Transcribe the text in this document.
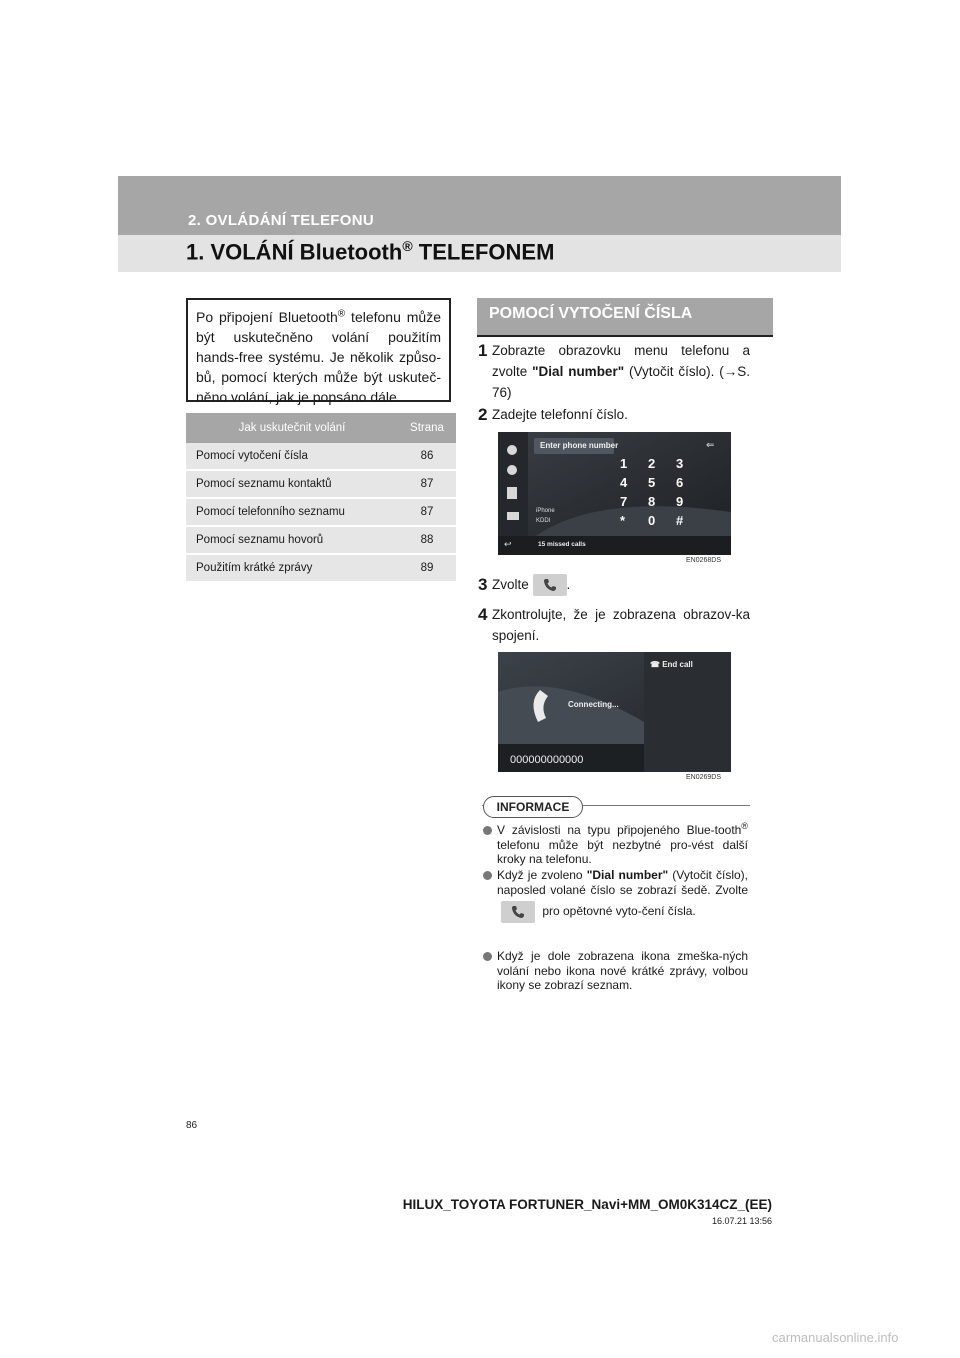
2. OVLÁDÁNÍ TELEFONU
1. VOLÁNÍ Bluetooth® TELEFONEM
Po připojení Bluetooth® telefonu může být uskutečněno volání použitím hands-free systému. Je několik způso-bů, pomocí kterých může být uskuteč-něno volání, jak je popsáno dále.
Jak uskutečnit volání	Strana
Pomocí vytočení čísla	86
Pomocí seznamu kontaktů	87
Pomocí telefonního seznamu	87
Pomocí seznamu hovorů	88
Použitím krátké zprávy	89
POMOCÍ VYTOČENÍ ČÍSLA
1 Zobrazte obrazovku menu telefonu a zvolte "Dial number" (Vytočit číslo). (→S. 76)
2 Zadejte telefonní číslo.
Enter phone number	⇐
1	2	3
4	5	6
7	8	9
*	0	#
iPhone
KDDI
↩	15 missed calls
EN0268DS
3 Zvolte	.
4 Zkontrolujte, že je zobrazena obrazov-ka spojení.
☎ End call
Connecting...
000000000000
EN0269DS
INFORMACE
V závislosti na typu připojeného Blue-tooth® telefonu může být nezbytné pro-vést další kroky na telefonu.
Když je zvoleno "Dial number" (Vytočit číslo), naposled volané číslo se zobrazí šedě. Zvolte
pro opětovné vyto-čení čísla.
Když je dole zobrazena ikona zmeška-ných volání nebo ikona nové krátké zprávy, volbou ikony se zobrazí seznam.
86
HILUX_TOYOTA FORTUNER_Navi+MM_OM0K314CZ_(EE)
16.07.21 13:56
carmanualsonline.info
